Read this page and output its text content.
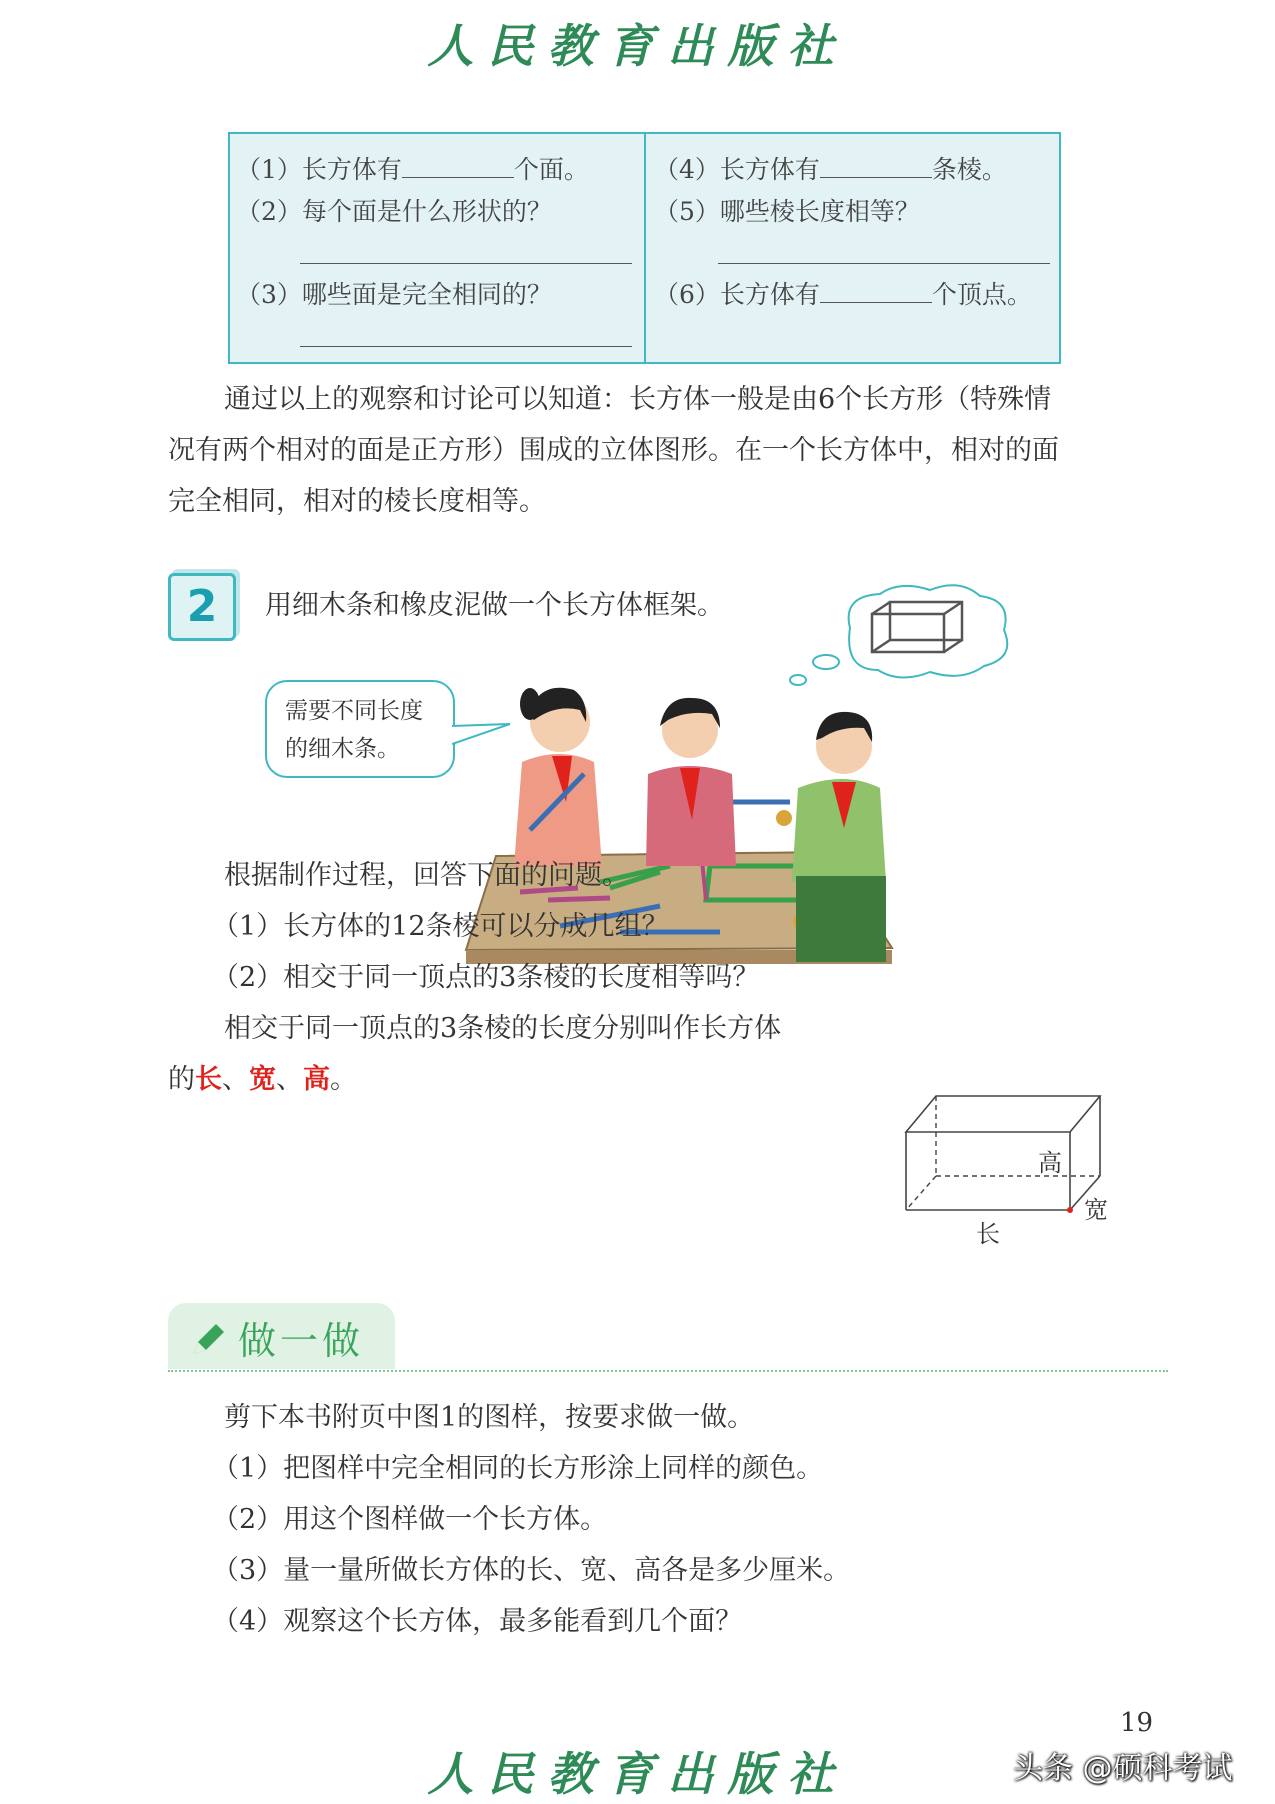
人民教育出版社
（1）长方体有	个面。
（2）每个面是什么形状的？
（3）哪些面是完全相同的？
（4）长方体有	条棱。
（5）哪些棱长度相等？
（6）长方体有	个顶点。
通过以上的观察和讨论可以知道：长方体一般是由6个长方形（特殊情
况有两个相对的面是正方形）围成的立体图形。在一个长方体中，相对的面
完全相同，相对的棱长度相等。
2	用细木条和橡皮泥做一个长方体框架。
需要不同长度
的细木条。
根据制作过程，回答下面的问题。
（1）长方体的12条棱可以分成几组？
（2）相交于同一顶点的3条棱的长度相等吗？
相交于同一顶点的3条棱的长度分别叫作长方体
的长、宽、高。
高
宽
长
做一做
剪下本书附页中图1的图样，按要求做一做。
（1）把图样中完全相同的长方形涂上同样的颜色。
（2）用这个图样做一个长方体。
（3）量一量所做长方体的长、宽、高各是多少厘米。
（4）观察这个长方体，最多能看到几个面？
19
人民教育出版社	头条 @硕科考试
